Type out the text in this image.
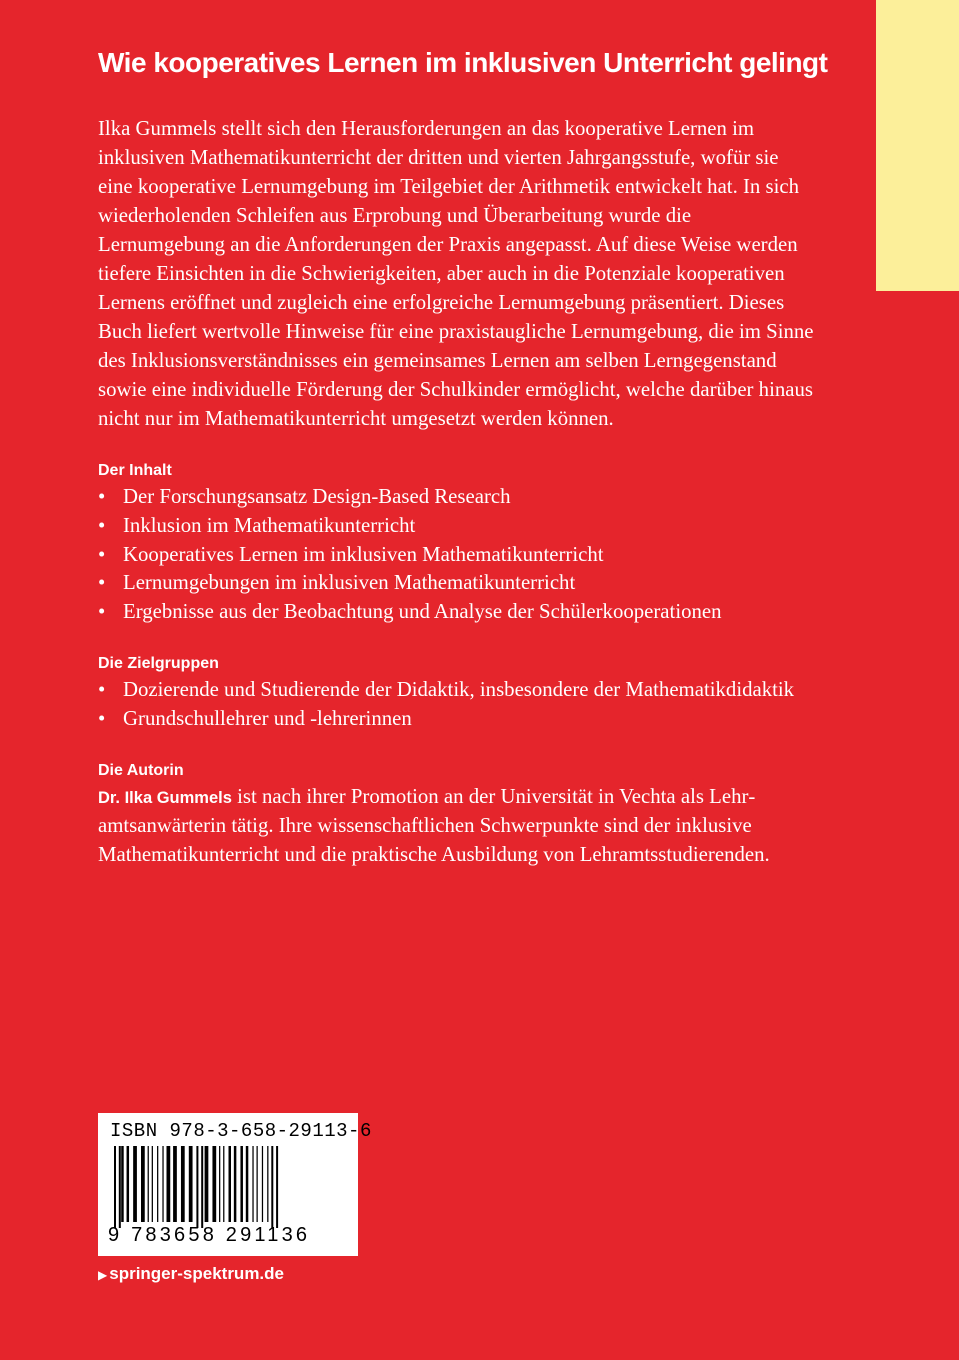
Wie kooperatives Lernen im inklusiven Unterricht gelingt

Ilka Gummels stellt sich den Herausforderungen an das kooperative Lernen im inklusiven Mathematikunterricht der dritten und vierten Jahrgangsstufe, wofür sie eine kooperative Lernumgebung im Teilgebiet der Arithmetik entwickelt hat. In sich wiederholenden Schleifen aus Erprobung und Überarbeitung wurde die Lernumgebung an die Anforderungen der Praxis angepasst. Auf diese Weise werden tiefere Einsichten in die Schwierigkeiten, aber auch in die Potenziale kooperativen Lernens eröffnet und zugleich eine erfolgreiche Lernumgebung präsentiert. Dieses Buch liefert wertvolle Hinweise für eine praxistaugliche Lernumgebung, die im Sinne des Inklusionsverständnisses ein gemeinsames Lernen am selben Lerngegenstand sowie eine individuelle Förderung der Schulkinder ermöglicht, welche darüber hinaus nicht nur im Mathematikunterricht umgesetzt werden können.

Der Inhalt
• Der Forschungsansatz Design-Based Research
• Inklusion im Mathematikunterricht
• Kooperatives Lernen im inklusiven Mathematikunterricht
• Lernumgebungen im inklusiven Mathematikunterricht
• Ergebnisse aus der Beobachtung und Analyse der Schülerkooperationen
Die Zielgruppen
• Dozierende und Studierende der Didaktik, insbesondere der Mathematikdidaktik
• Grundschullehrer und -lehrerinnen
Die Autorin

Dr. Ilka Gummels ist nach ihrer Promotion an der Universität in Vechta als Lehramtsanwärterin tätig. Ihre wissenschaftlichen Schwerpunkte sind der inklusive Mathematikunterricht und die praktische Ausbildung von Lehramtsstudierenden.

ISBN 978-3-658-29113-6
9 783658 291136
▶ springer-spektrum.de
